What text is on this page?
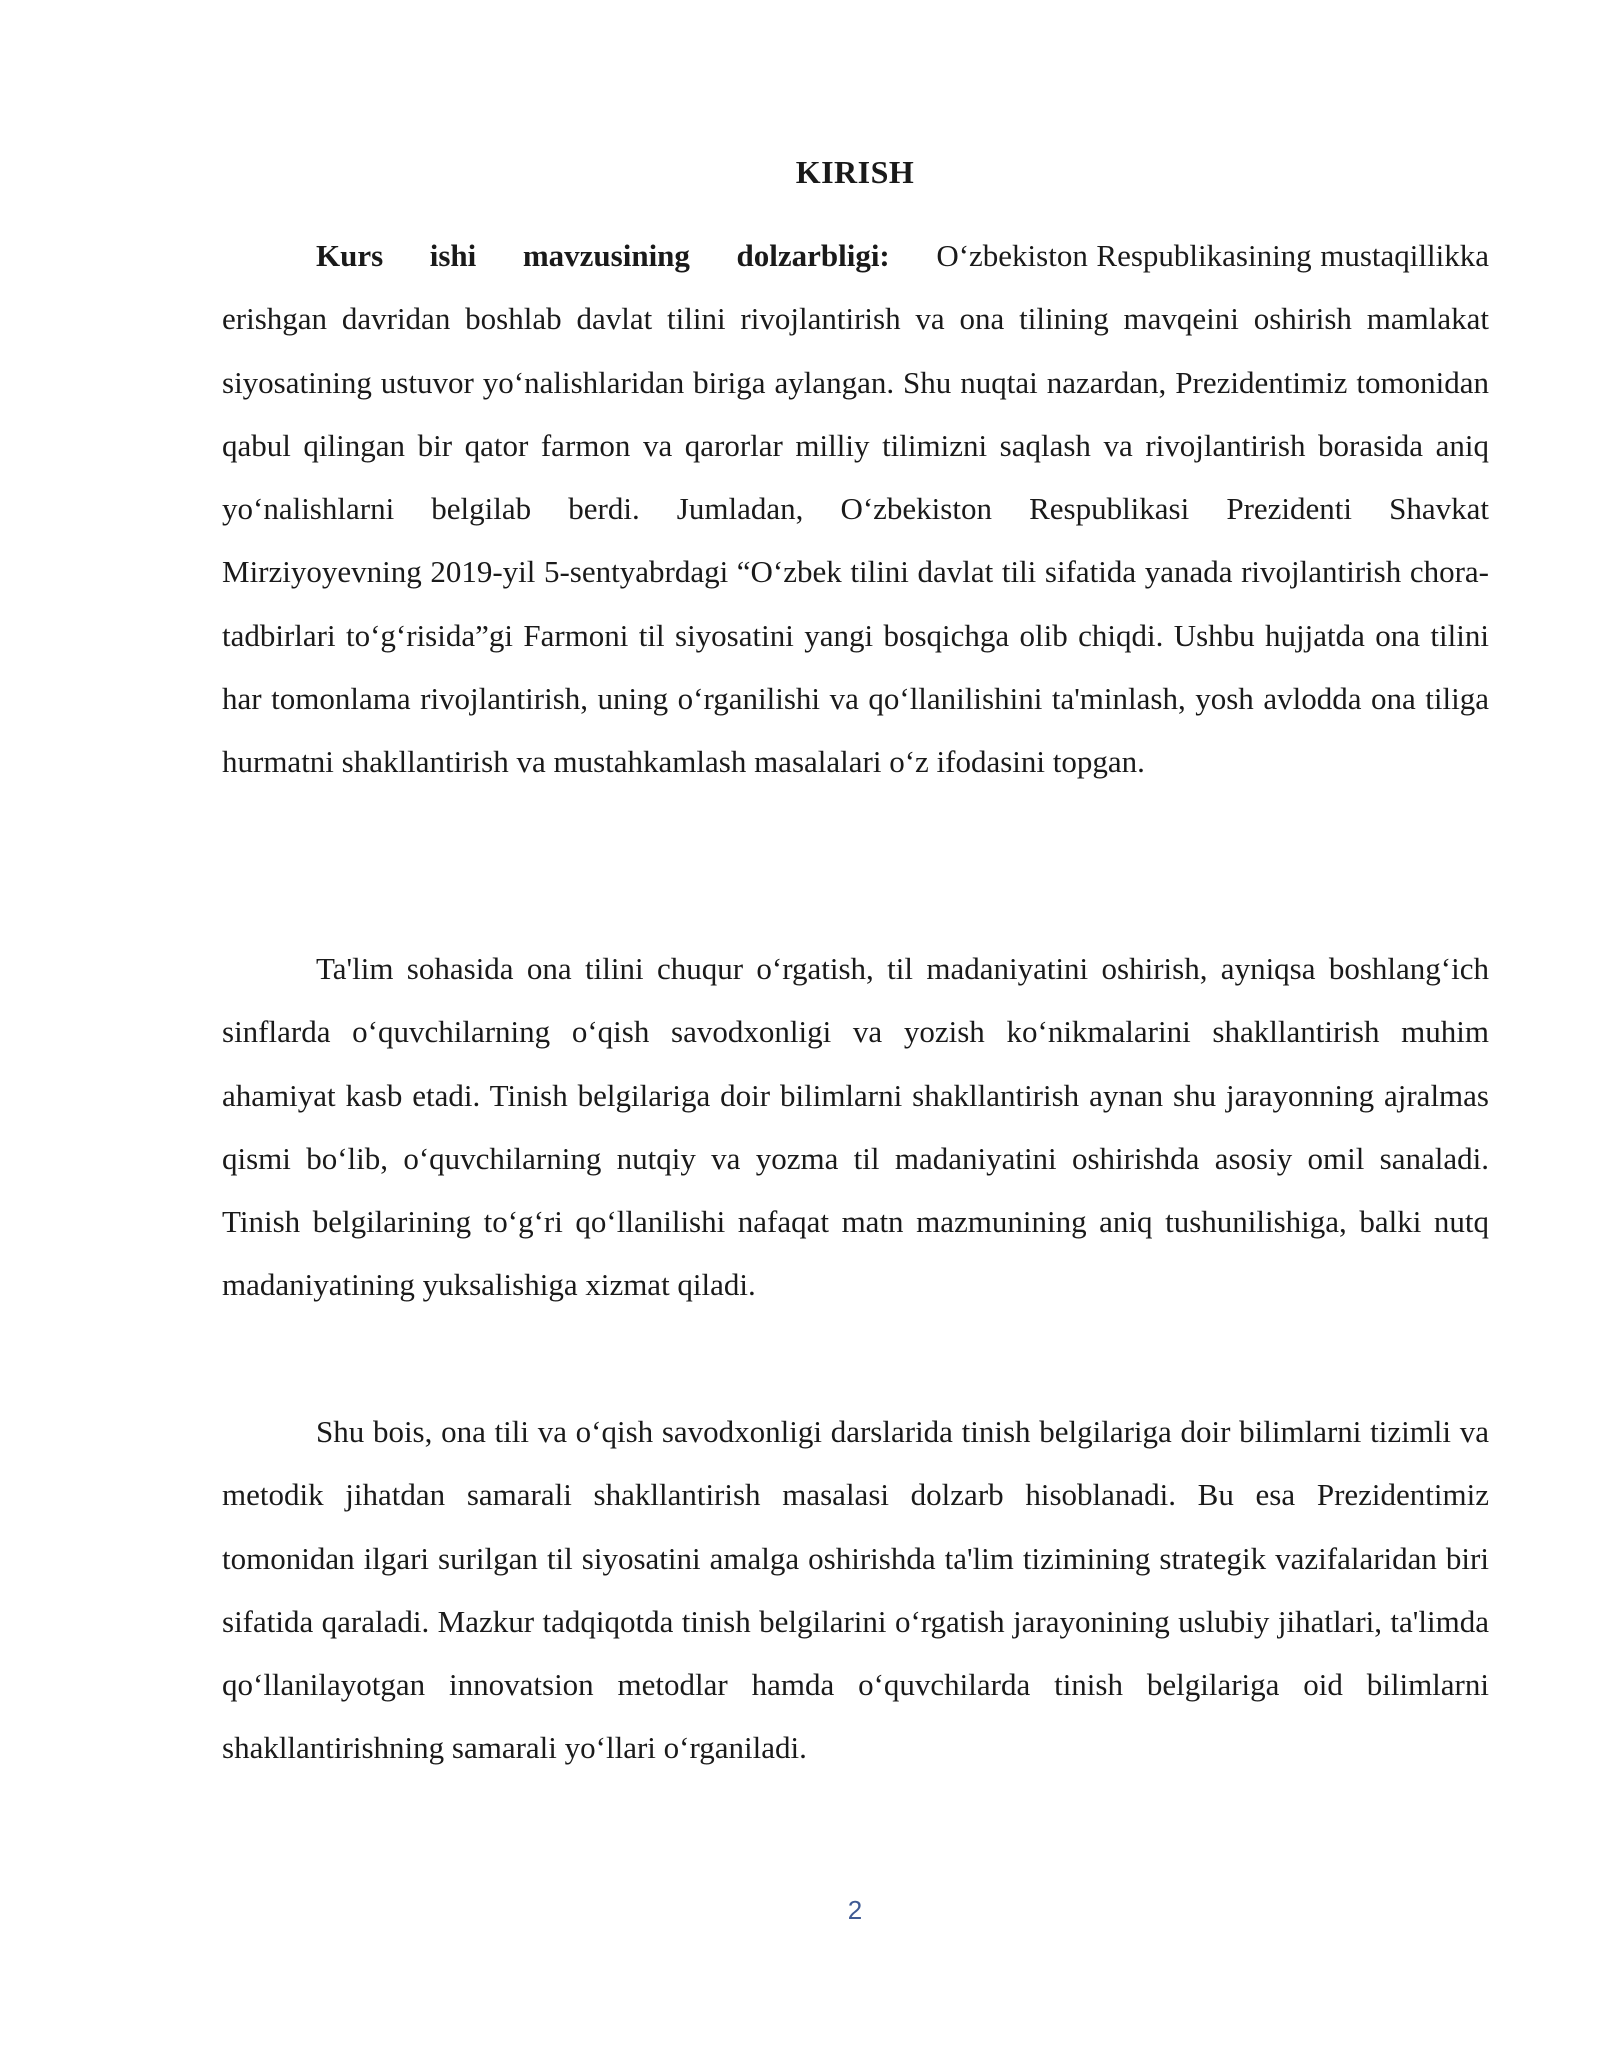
KIRISH

Kurs ishi mavzusining dolzarbligi: O‘zbekiston Respublikasining mustaqillikka erishgan davridan boshlab davlat tilini rivojlantirish va ona tilining mavqeini oshirish mamlakat siyosatining ustuvor yo‘nalishlaridan biriga aylangan. Shu nuqtai nazardan, Prezidentimiz tomonidan qabul qilingan bir qator farmon va qarorlar milliy tilimizni saqlash va rivojlantirish borasida aniq yo‘nalishlarni belgilab berdi. Jumladan, O‘zbekiston Respublikasi Prezidenti Shavkat Mirziyoyevning 2019-yil 5-sentyabrdagi “O‘zbek tilini davlat tili sifatida yanada rivojlantirish chora-tadbirlari to‘g‘risida”gi Farmoni til siyosatini yangi bosqichga olib chiqdi. Ushbu hujjatda ona tilini har tomonlama rivojlantirish, uning o‘rganilishi va qo‘llanilishini ta'minlash, yosh avlodda ona tiliga hurmatni shakllantirish va mustahkamlash masalalari o‘z ifodasini topgan.

Ta'lim sohasida ona tilini chuqur o‘rgatish, til madaniyatini oshirish, ayniqsa boshlang‘ich sinflarda o‘quvchilarning o‘qish savodxonligi va yozish ko‘nikmalarini shakllantirish muhim ahamiyat kasb etadi. Tinish belgilariga doir bilimlarni shakllantirish aynan shu jarayonning ajralmas qismi bo‘lib, o‘quvchilarning nutqiy va yozma til madaniyatini oshirishda asosiy omil sanaladi. Tinish belgilarining to‘g‘ri qo‘llanilishi nafaqat matn mazmunining aniq tushunilishiga, balki nutq madaniyatining yuksalishiga xizmat qiladi.

Shu bois, ona tili va o‘qish savodxonligi darslarida tinish belgilariga doir bilimlarni tizimli va metodik jihatdan samarali shakllantirish masalasi dolzarb hisoblanadi. Bu esa Prezidentimiz tomonidan ilgari surilgan til siyosatini amalga oshirishda ta'lim tizimining strategik vazifalaridan biri sifatida qaraladi. Mazkur tadqiqotda tinish belgilarini o‘rgatish jarayonining uslubiy jihatlari, ta'limda qo‘llanilayotgan innovatsion metodlar hamda o‘quvchilarda tinish belgilariga oid bilimlarni shakllantirishning samarali yo‘llari o‘rganiladi.

2
